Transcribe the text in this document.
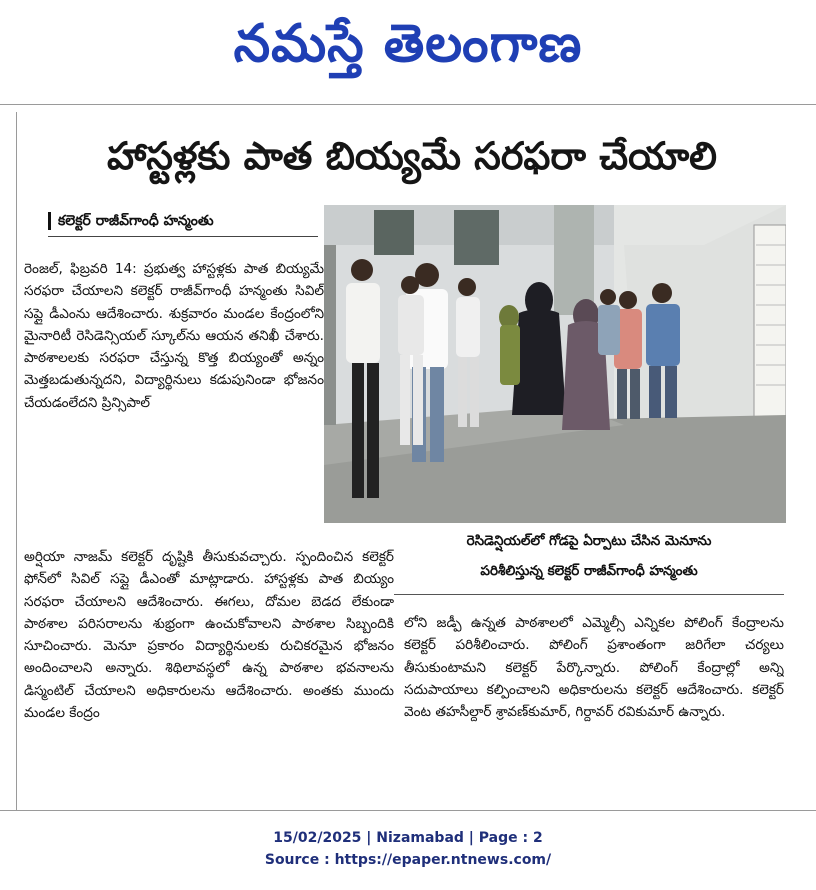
నమస్తే తెలంగాణ
హాస్టళ్లకు పాత బియ్యమే సరఫరా చేయాలి
కలెక్టర్ రాజీవ్‌గాంధీ హన్మంతు
రెంజల్, ఫిబ్రవరి 14: ప్రభుత్వ హాస్టళ్లకు పాత బియ్యమే సరఫరా చేయాలని కలెక్టర్ రాజీవ్‌గాంధీ హన్మంతు సివిల్ సప్లై డీఎంను ఆదేశించారు. శుక్రవారం మండల కేంద్రంలోని మైనారిటీ రెసిడెన్సియల్ స్కూల్‌ను ఆయన తనిఖీ చేశారు. పాఠశాలలకు సరఫరా చేస్తున్న కొత్త బియ్యంతో అన్నం మెత్తబడుతున్నదని, విద్యార్థినులు కడుపునిండా భోజనం చేయడంలేదని ప్రిన్సిపాల్
రెసిడెన్షియల్‌లో గోడపై ఏర్పాటు చేసిన మెనూను
పరిశీలిస్తున్న కలెక్టర్ రాజీవ్‌గాంధీ హన్మంతు
అర్షియా నాజమ్ కలెక్టర్ దృష్టికి తీసుకువచ్చారు. స్పందించిన కలెక్టర్ ఫోన్‌లో సివిల్ సప్లై డీఎంతో మాట్లాడారు. హాస్టళ్లకు పాత బియ్యం సరఫరా చేయాలని ఆదేశించారు. ఈగలు, దోమల బెడద లేకుండా పాఠశాల పరిసరాలను శుభ్రంగా ఉంచుకోవాలని పాఠశాల సిబ్బందికి సూచించారు. మెనూ ప్రకారం విద్యార్థినులకు రుచికరమైన భోజనం అందించాలని అన్నారు. శిథిలావస్థలో ఉన్న పాఠశాల భవనాలను డిస్మంటిల్ చేయాలని అధికారులను ఆదేశించారు. అంతకు ముందు మండల కేంద్రం
లోని జడ్పీ ఉన్నత పాఠశాలలో ఎమ్మెల్సీ ఎన్నికల పోలింగ్ కేంద్రాలను కలెక్టర్ పరిశీలించారు. పోలింగ్ ప్రశాంతంగా జరిగేలా చర్యలు తీసుకుంటామని కలెక్టర్ పేర్కొన్నారు. పోలింగ్ కేంద్రాల్లో అన్ని సదుపాయాలు కల్పించాలని అధికారులను కలెక్టర్ ఆదేశించారు. కలెక్టర్ వెంట తహసీల్దార్ శ్రావణ్‌కుమార్, గిర్దావర్ రవికుమార్ ఉన్నారు.
15/02/2025 | Nizamabad | Page : 2
Source : https://epaper.ntnews.com/
